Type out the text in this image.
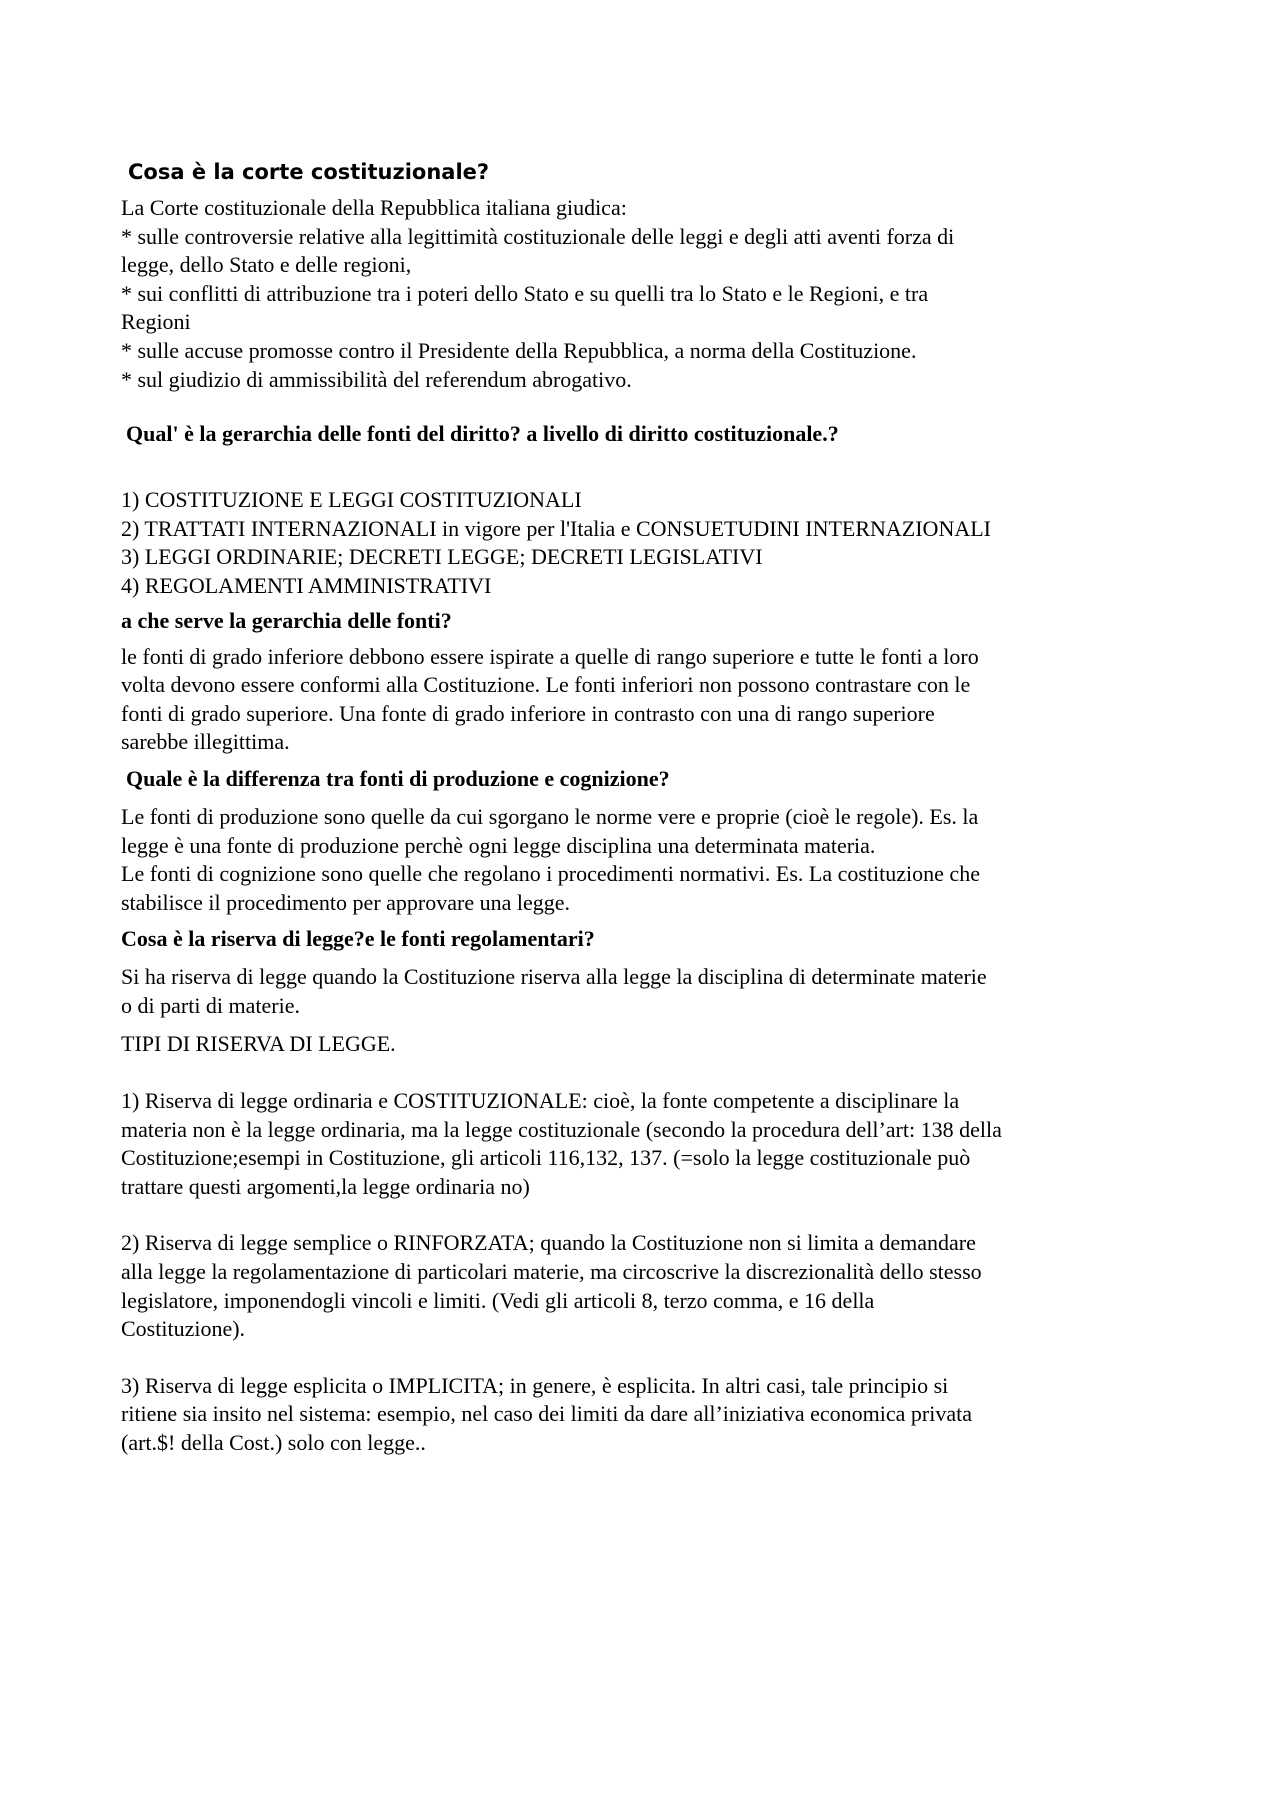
Cosa è la corte costituzionale?

La Corte costituzionale della Repubblica italiana giudica:
* sulle controversie relative alla legittimità costituzionale delle leggi e degli atti aventi forza di
legge, dello Stato e delle regioni,
* sui conflitti di attribuzione tra i poteri dello Stato e su quelli tra lo Stato e le Regioni, e tra
Regioni
* sulle accuse promosse contro il Presidente della Repubblica, a norma della Costituzione.
* sul giudizio di ammissibilità del referendum abrogativo.

Qual' è la gerarchia delle fonti del diritto? a livello di diritto costituzionale.?

1) COSTITUZIONE E LEGGI COSTITUZIONALI
2) TRATTATI INTERNAZIONALI in vigore per l'Italia e CONSUETUDINI INTERNAZIONALI
3) LEGGI ORDINARIE; DECRETI LEGGE; DECRETI LEGISLATIVI
4) REGOLAMENTI AMMINISTRATIVI

a che serve la gerarchia delle fonti?

le fonti di grado inferiore debbono essere ispirate a quelle di rango superiore e tutte le fonti a loro
volta devono essere conformi alla Costituzione. Le fonti inferiori non possono contrastare con le
fonti di grado superiore. Una fonte di grado inferiore in contrasto con una di rango superiore
sarebbe illegittima.

Quale è la differenza tra fonti di produzione e cognizione?

Le fonti di produzione sono quelle da cui sgorgano le norme vere e proprie (cioè le regole). Es. la
legge è una fonte di produzione perchè ogni legge disciplina una determinata materia.
Le fonti di cognizione sono quelle che regolano i procedimenti normativi. Es. La costituzione che
stabilisce il procedimento per approvare una legge.

Cosa è la riserva di legge?e le fonti regolamentari?

Si ha riserva di legge quando la Costituzione riserva alla legge la disciplina di determinate materie
o di parti di materie.

TIPI DI RISERVA DI LEGGE.

1) Riserva di legge ordinaria e COSTITUZIONALE: cioè, la fonte competente a disciplinare la
materia non è la legge ordinaria, ma la legge costituzionale (secondo la procedura dell’art: 138 della
Costituzione;esempi in Costituzione, gli articoli 116,132, 137. (=solo la legge costituzionale può
trattare questi argomenti,la legge ordinaria no)

2) Riserva di legge semplice o RINFORZATA; quando la Costituzione non si limita a demandare
alla legge la regolamentazione di particolari materie, ma circoscrive la discrezionalità dello stesso
legislatore, imponendogli vincoli e limiti. (Vedi gli articoli 8, terzo comma, e 16 della
Costituzione).

3) Riserva di legge esplicita o IMPLICITA; in genere, è esplicita. In altri casi, tale principio si
ritiene sia insito nel sistema: esempio, nel caso dei limiti da dare all’iniziativa economica privata
(art.$! della Cost.) solo con legge..
